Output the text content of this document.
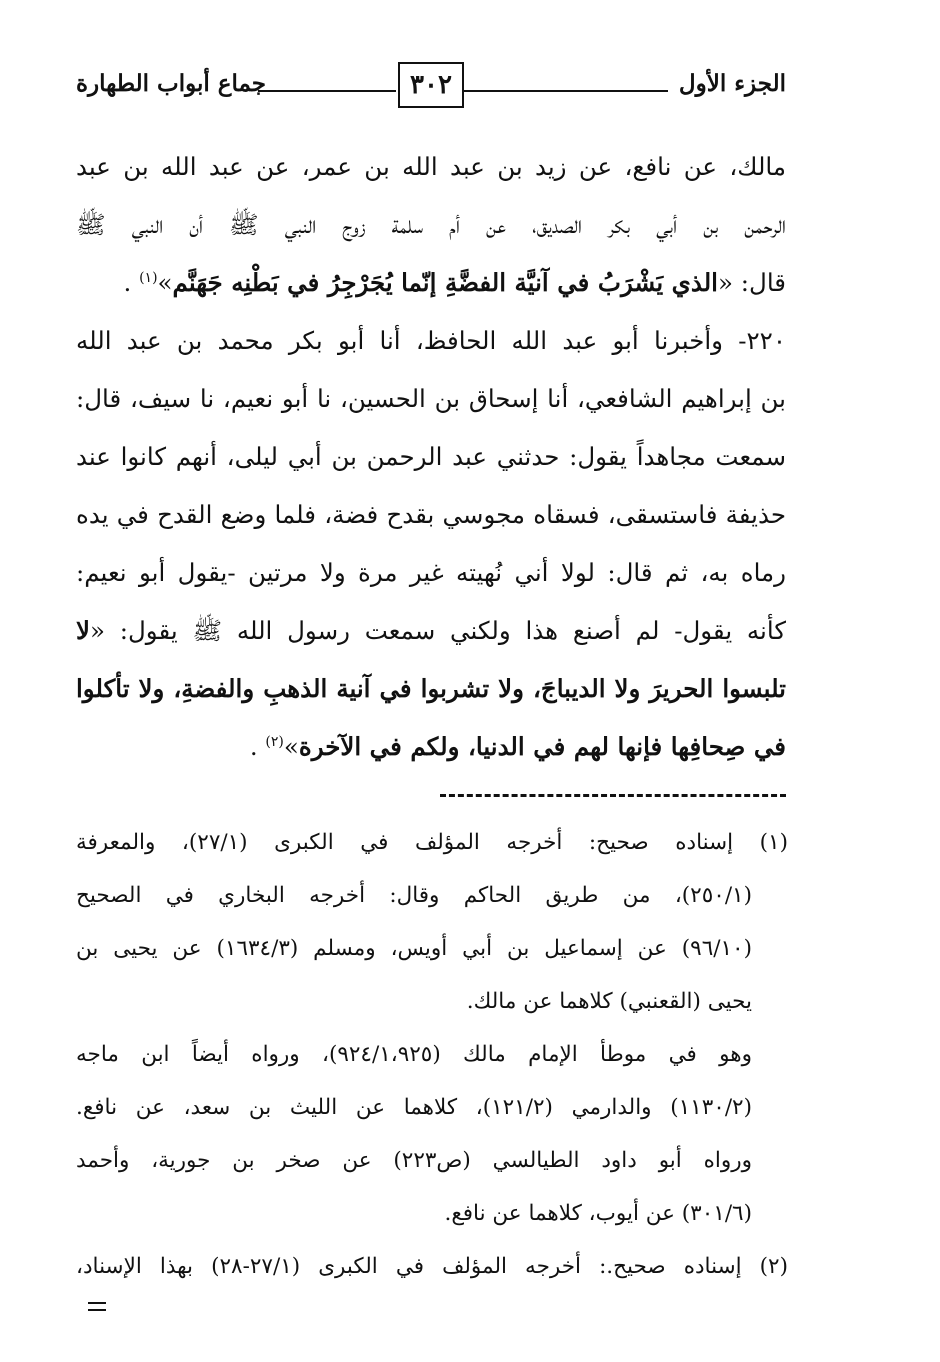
الجزء الأول
٣٠٢
جماع أبواب الطهارة
مالك، عن نافع، عن زيد بن عبد الله بن عمر، عن عبد الله بن عبد
الرحمن بن أبي بكر الصديق، عن أم سلمة زوج النبي ﷺ أن النبي ﷺ
قال: «الذي يَشْرَبُ في آنيَّة الفضَّةِ إنّما يُجَرْجِرُ في بَطْنِه جَهَنَّم»$^{(١)}$ .
٢٢٠- وأخبرنا أبو عبد الله الحافظ، أنا أبو بكر محمد بن عبد الله
بن إبراهيم الشافعي، أنا إسحاق بن الحسين، نا أبو نعيم، نا سيف، قال:
سمعت مجاهداً يقول: حدثني عبد الرحمن بن أبي ليلى، أنهم كانوا عند
حذيفة فاستسقى، فسقاه مجوسي بقدح فضة، فلما وضع القدح في يده
رماه به، ثم قال: لولا أني نُهيته غير مرة ولا مرتين -يقول أبو نعيم:
كأنه يقول- لم أصنع هذا ولكني سمعت رسول الله ﷺ يقول: «لا
تلبسوا الحريرَ ولا الديباجَ، ولا تشربوا في آنية الذهبِ والفضةِ، ولا تأكلوا
في صِحافِها فإنها لهم في الدنيا، ولكم في الآخرة»$^{(٢)}$ .
(١) إسناده صحيح: أخرجه المؤلف في الكبرى (٢٧/١)، والمعرفة
(٢٥٠/١)، من طريق الحاكم وقال: أخرجه البخاري في الصحيح
(٩٦/١٠) عن إسماعيل بن أبي أويس، ومسلم (١٦٣٤/٣) عن يحيى بن
يحيى (القعنبي) كلاهما عن مالك.
وهو في موطأ الإمام مالك (٩٢٤/١،٩٢٥)، ورواه أيضاً ابن ماجه
(١١٣٠/٢) والدارمي (١٢١/٢)، كلاهما عن الليث بن سعد، عن نافع.
ورواه أبو داود الطيالسي (ص٢٢٣) عن صخر بن جورية، وأحمد
(٣٠١/٦) عن أيوب، كلاهما عن نافع.
(٢) إسناده صحيح.: أخرجه المؤلف في الكبرى (٢٧/١-٢٨) بهذا الإسناد،
